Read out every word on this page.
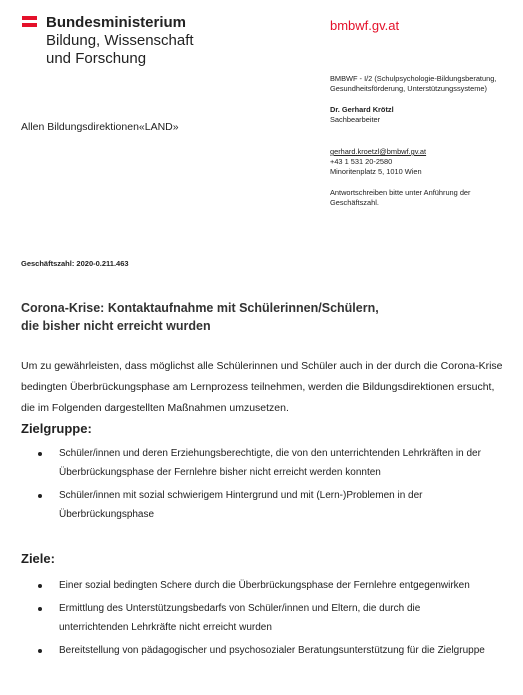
Bundesministerium
Bildung, Wissenschaft
und Forschung
bmbwf.gv.at
BMBWF - I/2 (Schulpsychologie-Bildungsberatung, Gesundheitsförderung, Unterstützungssysteme)
Dr. Gerhard Krötzl
Sachbearbeiter
gerhard.kroetzl@bmbwf.gv.at
+43 1 531 20-2580
Minoritenplatz 5, 1010 Wien
Antwortschreiben bitte unter Anführung der Geschäftszahl.
Allen Bildungsdirektionen«LAND»
Geschäftszahl: 2020-0.211.463
Corona-Krise: Kontaktaufnahme mit Schülerinnen/Schülern,
die bisher nicht erreicht wurden
Um zu gewährleisten, dass möglichst alle Schülerinnen und Schüler auch in der durch die Corona-Krise bedingten Überbrückungsphase am Lernprozess teilnehmen, werden die Bildungsdirektionen ersucht, die im Folgenden dargestellten Maßnahmen umzusetzen.
Zielgruppe:
Schüler/innen und deren Erziehungsberechtigte, die von den unterrichtenden Lehrkräften in der Überbrückungsphase der Fernlehre bisher nicht erreicht werden konnten
Schüler/innen mit sozial schwierigem Hintergrund und mit (Lern-)Problemen in der Überbrückungsphase
Ziele:
Einer sozial bedingten Schere durch die Überbrückungsphase der Fernlehre entgegenwirken
Ermittlung des Unterstützungsbedarfs von Schüler/innen und Eltern, die durch die unterrichtenden Lehrkräfte nicht erreicht wurden
Bereitstellung von pädagogischer und psychosozialer Beratungsunterstützung für die Zielgruppe
